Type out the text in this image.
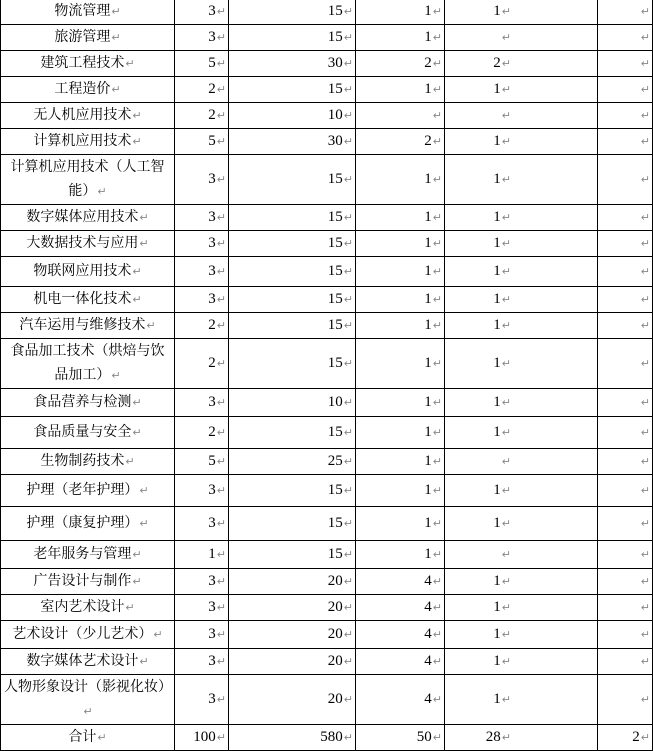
物流管理↵	3↵	15↵	1↵	1↵	↵
旅游管理↵	3↵	15↵	1↵	↵	↵
建筑工程技术↵	5↵	30↵	2↵	2↵	↵
工程造价↵	2↵	15↵	1↵	1↵	↵
无人机应用技术↵	2↵	10↵	↵	↵	↵
计算机应用技术↵	5↵	30↵	2↵	1↵	↵
计算机应用技术（人工智能）↵	3↵	15↵	1↵	1↵	↵
数字媒体应用技术↵	3↵	15↵	1↵	1↵	↵
大数据技术与应用↵	3↵	15↵	1↵	1↵	↵
物联网应用技术↵	3↵	15↵	1↵	1↵	↵
机电一体化技术↵	3↵	15↵	1↵	1↵	↵
汽车运用与维修技术↵	2↵	15↵	1↵	1↵	↵
食品加工技术（烘焙与饮品加工）↵	2↵	15↵	1↵	1↵	↵
食品营养与检测↵	3↵	10↵	1↵	1↵	↵
食品质量与安全↵	2↵	15↵	1↵	1↵	↵
生物制药技术↵	5↵	25↵	1↵	↵	↵
护理（老年护理）↵	3↵	15↵	1↵	1↵	↵
护理（康复护理）↵	3↵	15↵	1↵	1↵	↵
老年服务与管理↵	1↵	15↵	1↵	↵	↵
广告设计与制作↵	3↵	20↵	4↵	1↵	↵
室内艺术设计↵	3↵	20↵	4↵	1↵	↵
艺术设计（少儿艺术）↵	3↵	20↵	4↵	1↵	↵
数字媒体艺术设计↵	3↵	20↵	4↵	1↵	↵
人物形象设计（影视化妆）↵	3↵	20↵	4↵	1↵	↵
合计↵	100↵	580↵	50↵	28↵	2↵
